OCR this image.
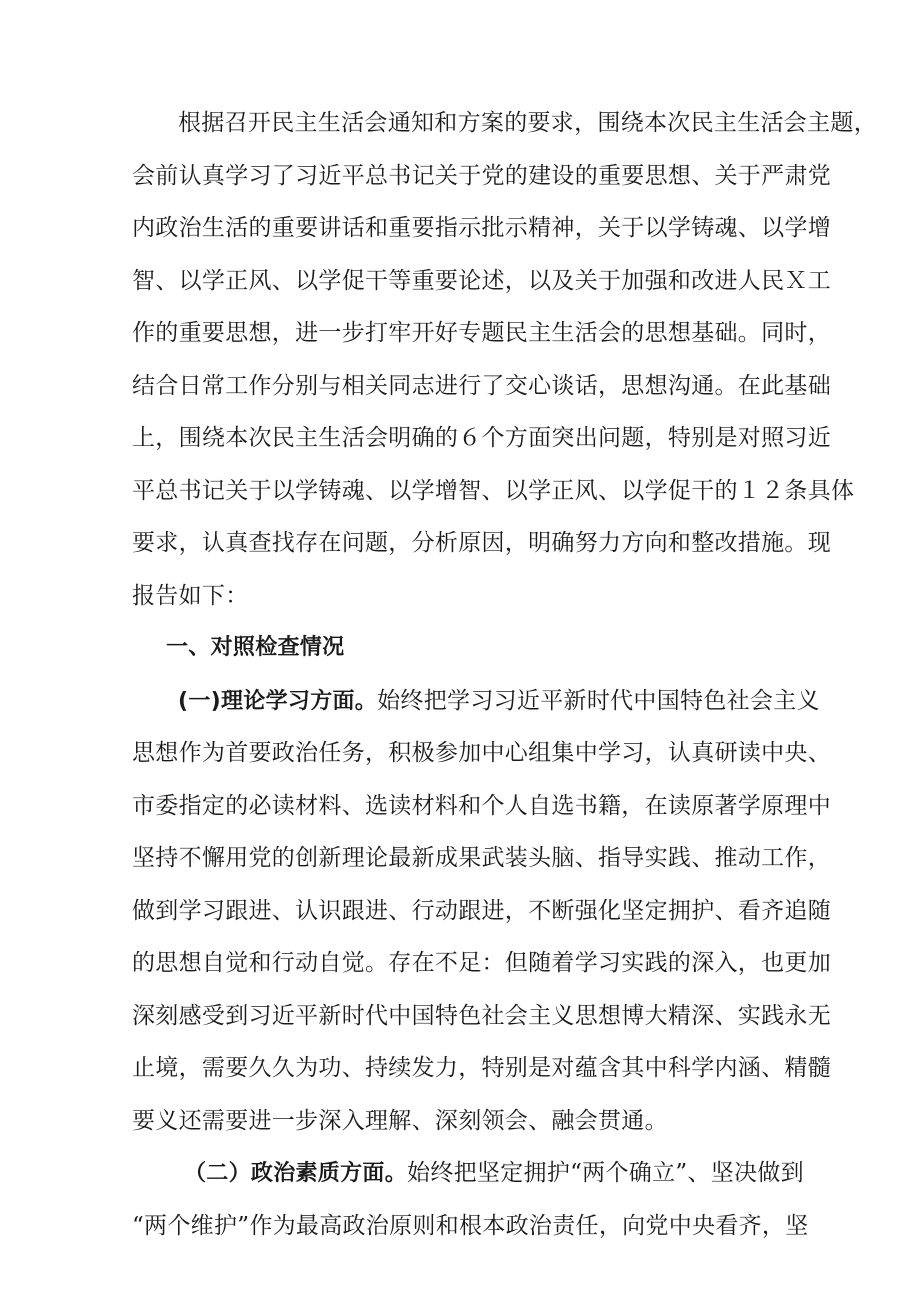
根据召开民主生活会通知和方案的要求，围绕本次民主生活会主题，
会前认真学习了习近平总书记关于党的建设的重要思想、关于严肃党
内政治生活的重要讲话和重要指示批示精神，关于以学铸魂、以学增
智、以学正风、以学促干等重要论述，以及关于加强和改进人民Ｘ工
作的重要思想，进一步打牢开好专题民主生活会的思想基础。同时，
结合日常工作分别与相关同志进行了交心谈话，思想沟通。在此基础
上，围绕本次民主生活会明确的６个方面突出问题，特别是对照习近
平总书记关于以学铸魂、以学增智、以学正风、以学促干的１２条具体
要求，认真查找存在问题，分析原因，明确努力方向和整改措施。现
报告如下：
一、对照检查情况
(一)理论学习方面。始终把学习习近平新时代中国特色社会主义
思想作为首要政治任务，积极参加中心组集中学习，认真研读中央、
市委指定的必读材料、选读材料和个人自选书籍，在读原著学原理中
坚持不懈用党的创新理论最新成果武装头脑、指导实践、推动工作，
做到学习跟进、认识跟进、行动跟进，不断强化坚定拥护、看齐追随
的思想自觉和行动自觉。存在不足：但随着学习实践的深入，也更加
深刻感受到习近平新时代中国特色社会主义思想博大精深、实践永无
止境，需要久久为功、持续发力，特别是对蕴含其中科学内涵、精髓
要义还需要进一步深入理解、深刻领会、融会贯通。
（二）政治素质方面。始终把坚定拥护“两个确立”、坚决做到
“两个维护”作为最高政治原则和根本政治责任，向党中央看齐，坚
